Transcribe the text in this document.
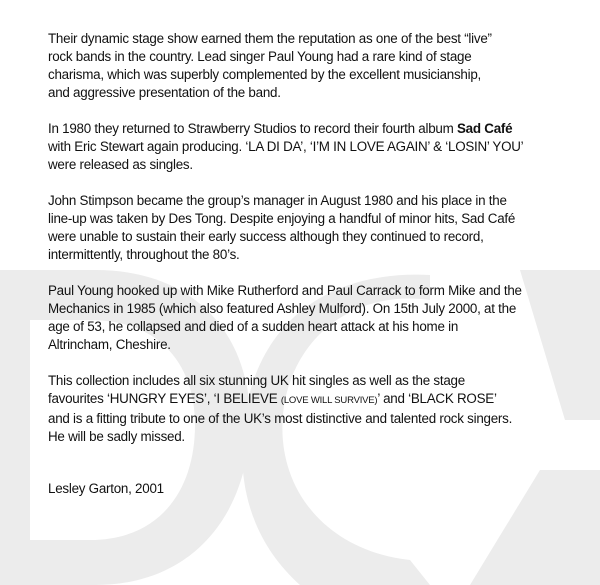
Their dynamic stage show earned them the reputation as one of the best “live”
rock bands in the country. Lead singer Paul Young had a rare kind of stage
charisma, which was superbly complemented by the excellent musicianship,
and aggressive presentation of the band.

In 1980 they returned to Strawberry Studios to record their fourth album Sad Café
with Eric Stewart again producing. ‘LA DI DA’, ‘I’M IN LOVE AGAIN’ & ‘LOSIN’ YOU’
were released as singles.

John Stimpson became the group’s manager in August 1980 and his place in the
line-up was taken by Des Tong. Despite enjoying a handful of minor hits, Sad Café
were unable to sustain their early success although they continued to record,
intermittently, throughout the 80’s.

Paul Young hooked up with Mike Rutherford and Paul Carrack to form Mike and the
Mechanics in 1985 (which also featured Ashley Mulford). On 15th July 2000, at the
age of 53, he collapsed and died of a sudden heart attack at his home in
Altrincham, Cheshire.

This collection includes all six stunning UK hit singles as well as the stage
favourites ‘HUNGRY EYES’, ‘I BELIEVE (LOVE WILL SURVIVE)’ and ‘BLACK ROSE’
and is a fitting tribute to one of the UK’s most distinctive and talented rock singers.
He will be sadly missed.

Lesley Garton, 2001
